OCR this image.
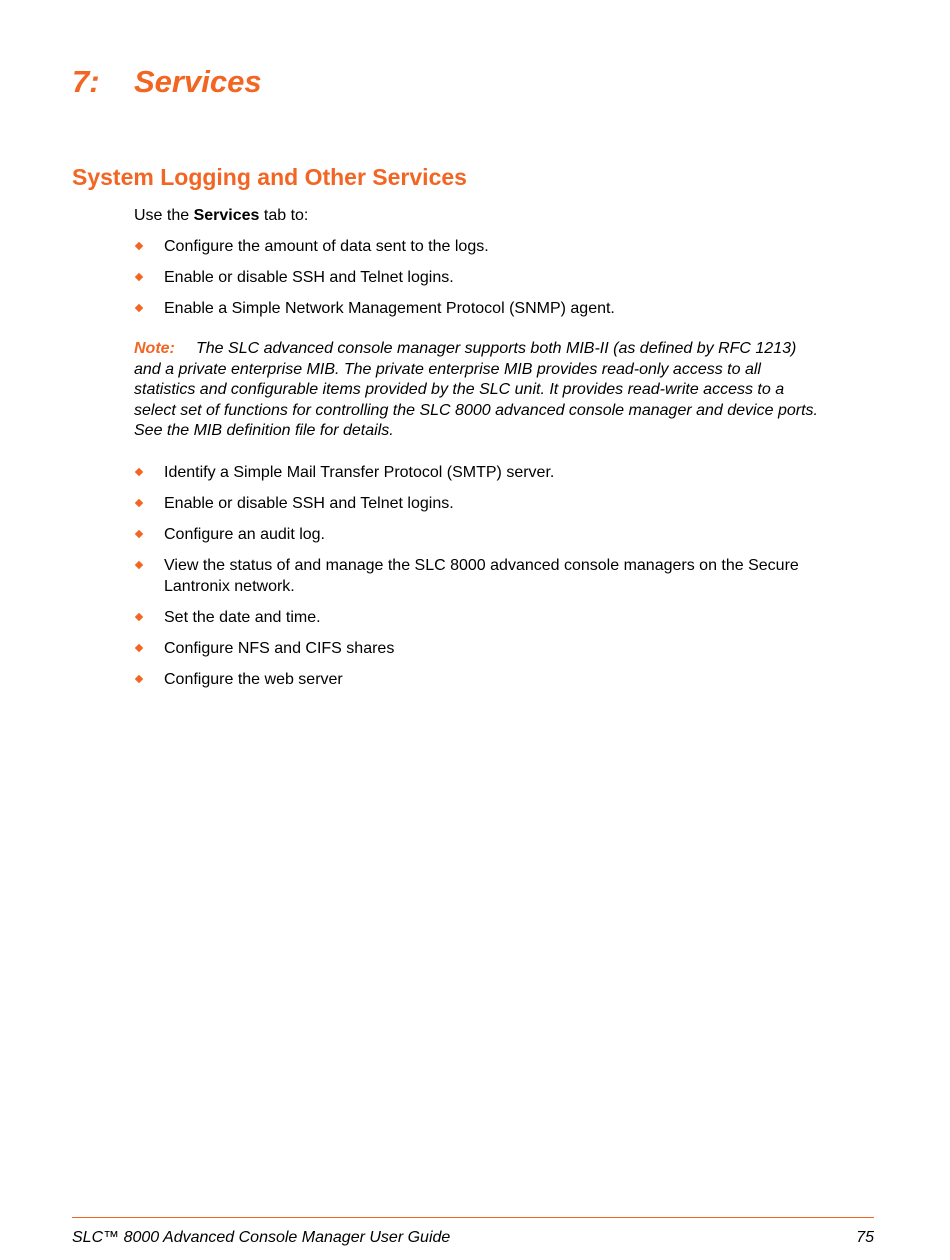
7: Services
System Logging and Other Services

Use the Services tab to:

Configure the amount of data sent to the logs.
Enable or disable SSH and Telnet logins.
Enable a Simple Network Management Protocol (SNMP) agent.

Note: The SLC advanced console manager supports both MIB-II (as defined by RFC 1213) and a private enterprise MIB. The private enterprise MIB provides read-only access to all statistics and configurable items provided by the SLC unit. It provides read-write access to a select set of functions for controlling the SLC 8000 advanced console manager and device ports. See the MIB definition file for details.

Identify a Simple Mail Transfer Protocol (SMTP) server.
Enable or disable SSH and Telnet logins.
Configure an audit log.
View the status of and manage the SLC 8000 advanced console managers on the Secure Lantronix network.
Set the date and time.
Configure NFS and CIFS shares
Configure the web server
SLC™ 8000 Advanced Console Manager User Guide	75
